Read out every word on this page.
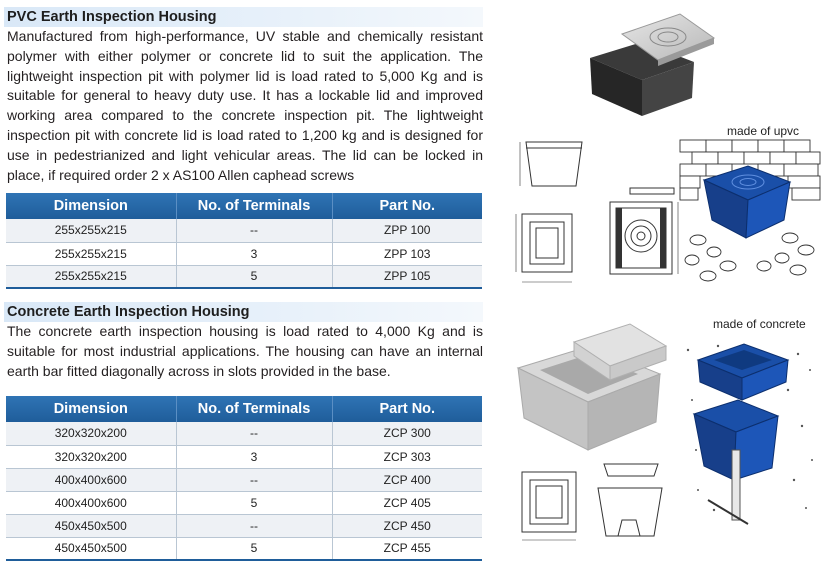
PVC Earth Inspection Housing

Manufactured from high-performance, UV stable and chemically resistant polymer with either polymer or concrete lid to suit the application. The lightweight inspection pit with polymer lid is load rated to 5,000 Kg and is suitable for general to heavy duty use. It has a lockable lid and improved working area compared to the concrete inspection pit. The lightweight inspection pit with concrete lid is load rated to 1,200 kg and is designed for use in pedestrianized and light vehicular areas. The lid can be locked in place, if required order 2 x AS100 Allen caphead screws

Dimension	No. of Terminals	Part No.
255x255x215	--	ZPP 100
255x255x215	3	ZPP 103
255x255x215	5	ZPP 105
Concrete Earth Inspection Housing

The concrete earth inspection housing is load rated to 4,000 Kg and is suitable for most industrial applications. The housing can have an internal earth bar fitted diagonally across in slots provided in the base.

Dimension	No. of Terminals	Part No.
320x320x200	--	ZCP 300
320x320x200	3	ZCP 303
400x400x600	--	ZCP 400
400x400x600	5	ZCP 405
450x450x500	--	ZCP 450
450x450x500	5	ZCP 455
made of upvc
made of concrete
